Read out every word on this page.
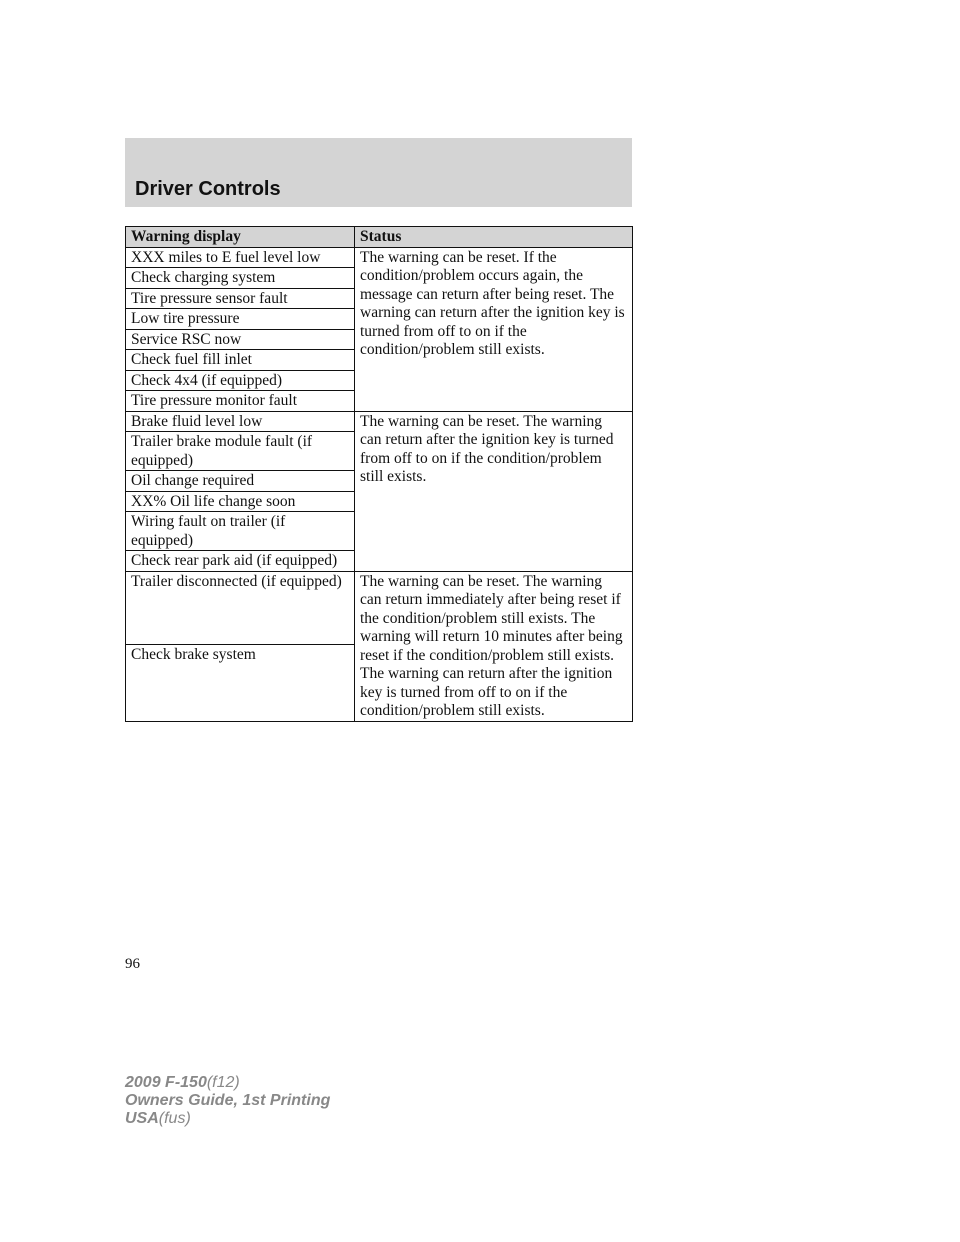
Driver Controls
Warning display	Status
XXX miles to E fuel level low	The warning can be reset. If the condition/problem occurs again, the message can return after being reset. The warning can return after the ignition key is turned from off to on if the condition/problem still exists.
Check charging system	
Tire pressure sensor fault	
Low tire pressure	
Service RSC now	
Check fuel fill inlet	
Check 4x4 (if equipped)	
Tire pressure monitor fault	
Brake fluid level low	The warning can be reset. The warning can return after the ignition key is turned from off to on if the condition/problem still exists.
Trailer brake module fault (if equipped)	
Oil change required	
XX% Oil life change soon	
Wiring fault on trailer (if equipped)	
Check rear park aid (if equipped)	
Trailer disconnected (if equipped)	The warning can be reset. The warning can return immediately after being reset if the condition/problem still exists. The warning will return 10 minutes after being reset if the condition/problem still exists. The warning can return after the ignition key is turned from off to on if the condition/problem still exists.
Check brake system	
96
2009 F-150(f12)
Owners Guide, 1st Printing
USA(fus)
